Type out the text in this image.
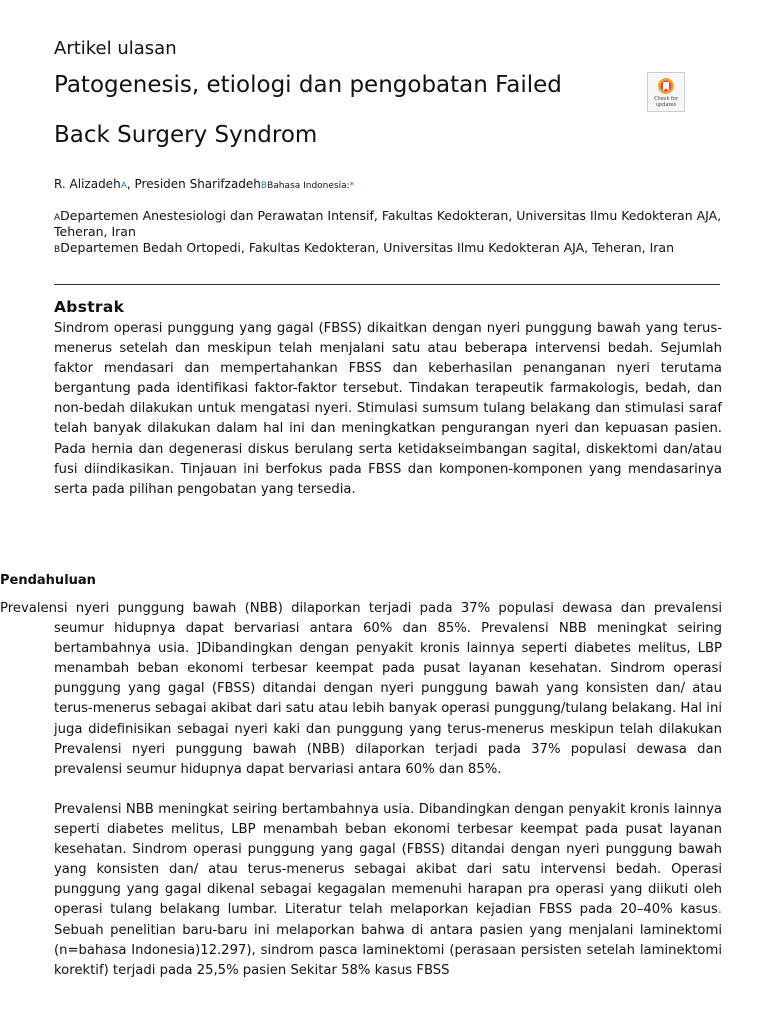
Artikel ulasan
Patogenesis, etiologi dan pengobatan Failed
Back Surgery Syndrom
Check for updates
R. AlizadehA, Presiden SharifzadehBBahasa Indonesia:*
ADepartemen Anestesiologi dan Perawatan Intensif, Fakultas Kedokteran, Universitas Ilmu Kedokteran AJA, Teheran, Iran
BDepartemen Bedah Ortopedi, Fakultas Kedokteran, Universitas Ilmu Kedokteran AJA, Teheran, Iran
Abstrak
Sindrom operasi punggung yang gagal (FBSS) dikaitkan dengan nyeri punggung bawah yang terus-menerus setelah dan meskipun telah menjalani satu atau beberapa intervensi bedah. Sejumlah faktor mendasari dan mempertahankan FBSS dan keberhasilan penanganan nyeri terutama bergantung pada identifikasi faktor-faktor tersebut. Tindakan terapeutik farmakologis, bedah, dan non-bedah dilakukan untuk mengatasi nyeri. Stimulasi sumsum tulang belakang dan stimulasi saraf telah banyak dilakukan dalam hal ini dan meningkatkan pengurangan nyeri dan kepuasan pasien. Pada hernia dan degenerasi diskus berulang serta ketidakseimbangan sagital, diskektomi dan/atau fusi diindikasikan. Tinjauan ini berfokus pada FBSS dan komponen-komponen yang mendasarinya serta pada pilihan pengobatan yang tersedia.
Pendahuluan
Prevalensi nyeri punggung bawah (NBB) dilaporkan terjadi pada 37% populasi dewasa dan prevalensi seumur hidupnya dapat bervariasi antara 60% dan 85%. Prevalensi NBB meningkat seiring bertambahnya usia. ]Dibandingkan dengan penyakit kronis lainnya seperti diabetes melitus, LBP menambah beban ekonomi terbesar keempat pada pusat layanan kesehatan. Sindrom operasi punggung yang gagal (FBSS) ditandai dengan nyeri punggung bawah yang konsisten dan/ atau terus-menerus sebagai akibat dari satu atau lebih banyak operasi punggung/tulang belakang. Hal ini juga didefinisikan sebagai nyeri kaki dan punggung yang terus-menerus meskipun telah dilakukan Prevalensi nyeri punggung bawah (NBB) dilaporkan terjadi pada 37% populasi dewasa dan prevalensi seumur hidupnya dapat bervariasi antara 60% dan 85%.
Prevalensi NBB meningkat seiring bertambahnya usia. Dibandingkan dengan penyakit kronis lainnya seperti diabetes melitus, LBP menambah beban ekonomi terbesar keempat pada pusat layanan kesehatan. Sindrom operasi punggung yang gagal (FBSS) ditandai dengan nyeri punggung bawah yang konsisten dan/ atau terus-menerus sebagai akibat dari satu intervensi bedah. Operasi punggung yang gagal dikenal sebagai kegagalan memenuhi harapan pra operasi yang diikuti oleh operasi tulang belakang lumbar. Literatur telah melaporkan kejadian FBSS pada 20–40% kasus. Sebuah penelitian baru-baru ini melaporkan bahwa di antara pasien yang menjalani laminektomi (n=bahasa Indonesia)12.297), sindrom pasca laminektomi (perasaan persisten setelah laminektomi korektif) terjadi pada 25,5% pasien Sekitar 58% kasus FBSS
